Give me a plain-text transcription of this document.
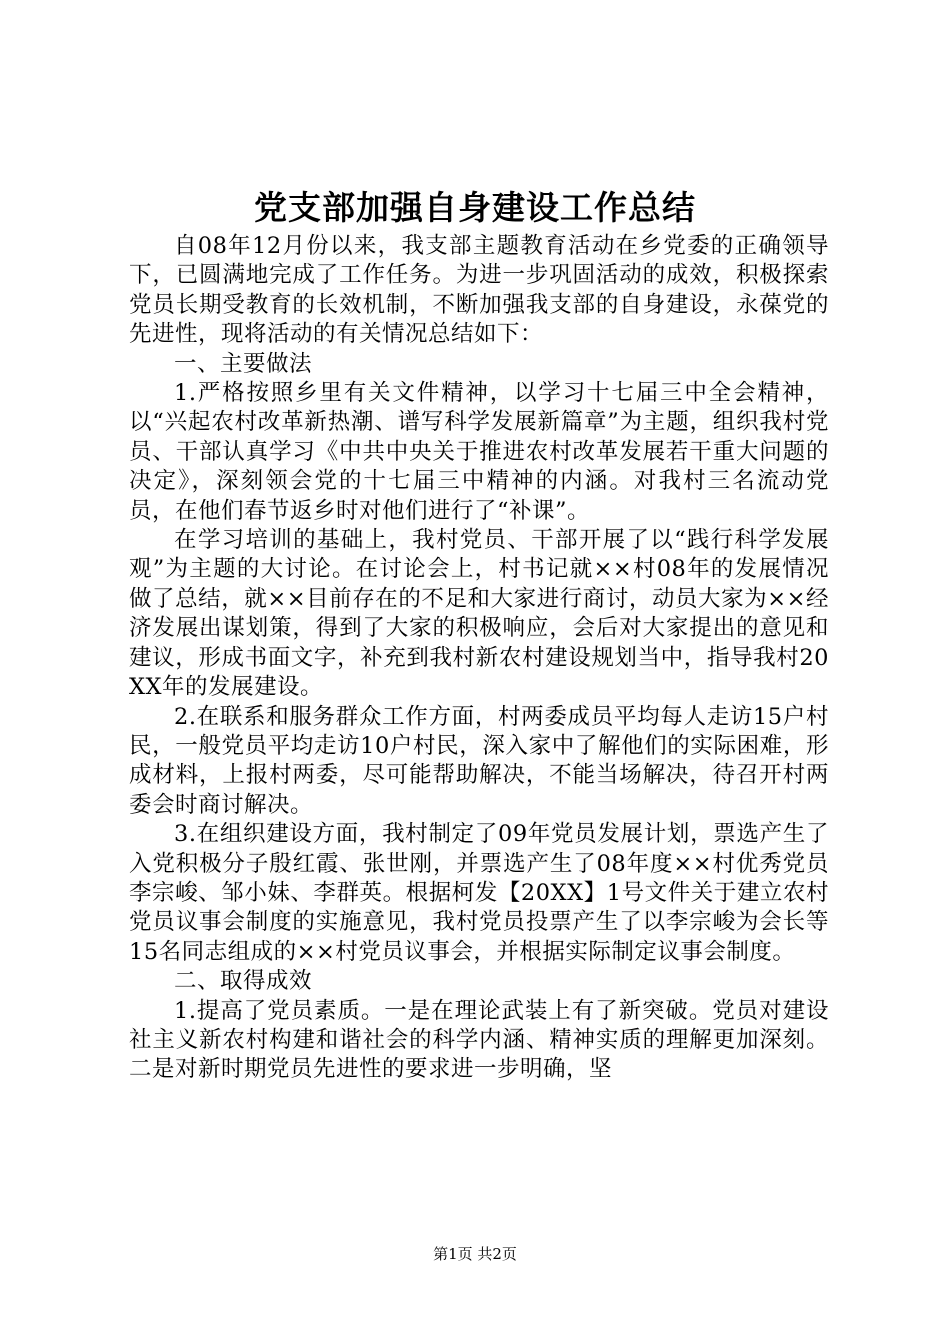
党支部加强自身建设工作总结

自08年12月份以来，我支部主题教育活动在乡党委的正确领导下，已圆满地完成了工作任务。为进一步巩固活动的成效，积极探索党员长期受教育的长效机制，不断加强我支部的自身建设，永葆党的先进性，现将活动的有关情况总结如下：

一、主要做法

1.严格按照乡里有关文件精神，以学习十七届三中全会精神，以“兴起农村改革新热潮、谱写科学发展新篇章”为主题，组织我村党员、干部认真学习《中共中央关于推进农村改革发展若干重大问题的决定》，深刻领会党的十七届三中精神的内涵。对我村三名流动党员，在他们春节返乡时对他们进行了“补课”。

在学习培训的基础上，我村党员、干部开展了以“践行科学发展观”为主题的大讨论。在讨论会上，村书记就××村08年的发展情况做了总结，就××目前存在的不足和大家进行商讨，动员大家为××经济发展出谋划策，得到了大家的积极响应，会后对大家提出的意见和建议，形成书面文字，补充到我村新农村建设规划当中，指导我村20XX年的发展建设。

2.在联系和服务群众工作方面，村两委成员平均每人走访15户村民，一般党员平均走访10户村民，深入家中了解他们的实际困难，形成材料，上报村两委，尽可能帮助解决，不能当场解决，待召开村两委会时商讨解决。

3.在组织建设方面，我村制定了09年党员发展计划，票选产生了入党积极分子殷红霞、张世刚，并票选产生了08年度××村优秀党员李宗峻、邹小妹、李群英。根据柯发【20XX】1号文件关于建立农村党员议事会制度的实施意见，我村党员投票产生了以李宗峻为会长等15名同志组成的××村党员议事会，并根据实际制定议事会制度。

二、取得成效

1.提高了党员素质。一是在理论武装上有了新突破。党员对建设社主义新农村构建和谐社会的科学内涵、精神实质的理解更加深刻。二是对新时期党员先进性的要求进一步明确，坚

第1页 共2页
